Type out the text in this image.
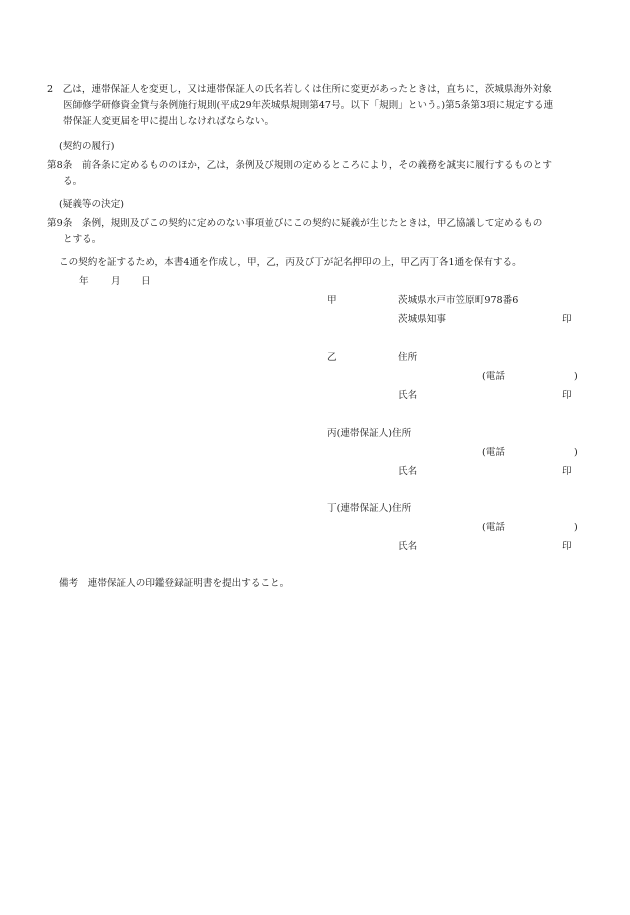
2　乙は，連帯保証人を変更し，又は連帯保証人の氏名若しくは住所に変更があったときは，直ちに，茨城県海外対象
医師修学研修資金貸与条例施行規則(平成29年茨城県規則第47号。以下「規則」という。)第5条第3項に規定する連
帯保証人変更届を甲に提出しなければならない。
(契約の履行)
第8条　前各条に定めるもののほか，乙は，条例及び規則の定めるところにより，その義務を誠実に履行するものとす
る。
(疑義等の決定)
第9条　条例，規則及びこの契約に定めのない事項並びにこの契約に疑義が生じたときは，甲乙協議して定めるもの
とする。
この契約を証するため，本書4通を作成し，甲，乙，丙及び丁が記名押印の上，甲乙丙丁各1通を保有する。
年 月 日
甲	茨城県水戸市笠原町978番6
茨城県知事	印
乙	住所
(電話	)
氏名	印
丙(連帯保証人)住所
(電話	)
氏名	印
丁(連帯保証人)住所
(電話	)
氏名	印
備考　連帯保証人の印鑑登録証明書を提出すること。
